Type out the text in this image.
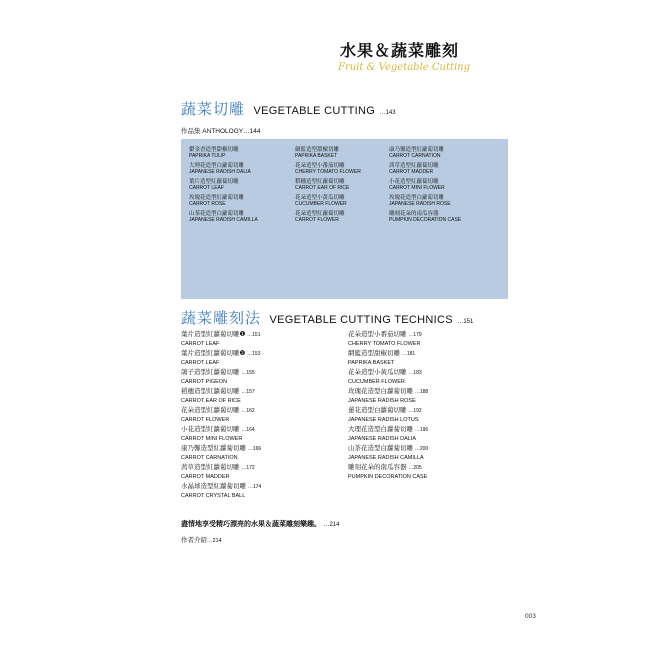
水果＆蔬菜雕刻
Fruit & Vegetable Cutting
蔬菜切雕 VEGETABLE CUTTING …143
作品集 ANTHOLOGY…144
鬱金香造型甜椒切雕
PAPRIKA TULIP
大理花造型白蘿蔔切雕
JAPANESE RADISH DALIA
葉片造型紅蘿蔔切雕
CARROT LEAF
玫瑰花造型紅蘿蔔切雕
CARROT ROSE
山茶花造型白蘿蔔切雕
JAPANESE RADISH CAMILLA
網籃造型甜椒切雕
PAPRIKA BASKET
花朵造型小番茄切雕
CHERRY TOMATO FLOWER
稻穗造型紅蘿蔔切雕
CARROT EAR OF RICE
花朵造型小黃瓜切雕
CUCUMBER FLOWER
花朵造型紅蘿蔔切雕
CARROT FLOWER
康乃馨造型紅蘿蔔切雕
CARROT CARNATION
茜草造型紅蘿蔔切雕
CARROT MADDER
小花造型紅蘿蔔切雕
CARROT MINI FLOWER
玫瑰花造型白蘿蔔切雕
JAPANESE RADISH ROSE
雕刻花朵的南瓜容器
PUMPKIN DECORATION CASE
蔬菜雕刻法 VEGETABLE CUTTING TECHNICS …151
葉片造型紅蘿蔔切雕❶ …151
CARROT LEAF
葉片造型紅蘿蔔切雕❷ …153
CARROT LEAF
鴿子造型紅蘿蔔切雕 …155
CARROT PIGEON
稻穗造型紅蘿蔔切雕 …157
CARROT EAR OF RICE
花朵造型紅蘿蔔切雕 …162
CARROT FLOWER
小花造型紅蘿蔔切雕 …164
CARROT MINI FLOWER
康乃馨造型紅蘿蔔切雕 …166
CARROT CARNATION
茜草造型紅蘿蔔切雕 …172
CARROT MADDER
水晶球造型紅蘿蔔切雕 …174
CARROT CRYSTAL BALL
花朵造型小番茄切雕 …179
CHERRY TOMATO FLOWER
網籃造型甜椒切雕 …181
PAPRIKA BASKET
花朵造型小黃瓜切雕 …183
CUCUMBER FLOWER
玫瑰花造型白蘿蔔切雕 …188
JAPANESE RADISH ROSE
蓮花造型白蘿蔔切雕 …192
JAPANESE RADISH LOTUS
大理花造型白蘿蔔切雕 …196
JAPANESE RADISH DALIA
山茶花造型白蘿蔔切雕 …200
JAPANESE RADISH CAMILLA
雕刻花朵的南瓜容器 …205
PUMPKIN DECORATION CASE
盡情地享受精巧漂亮的水果＆蔬菜雕刻樂趣。 …214
作者介紹…214
003
